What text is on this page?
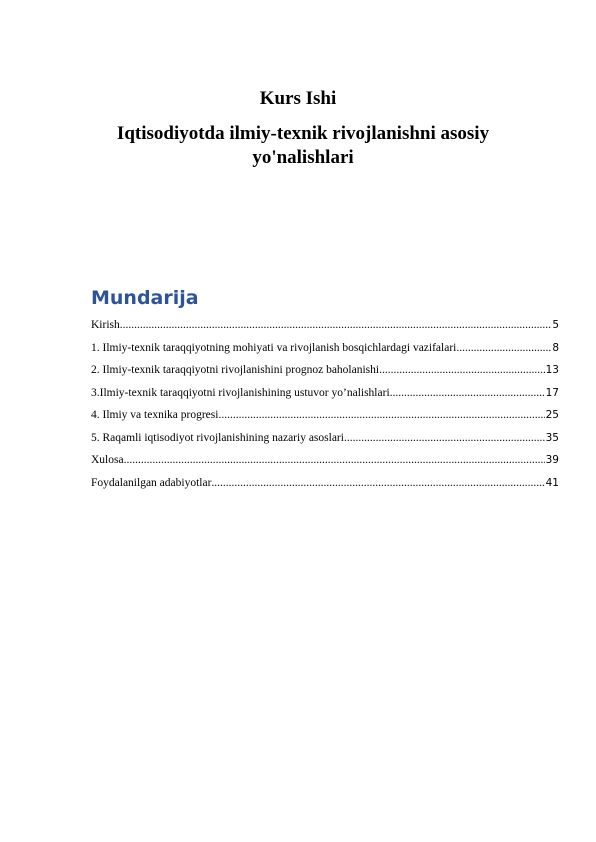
Kurs Ishi
Iqtisodiyotda ilmiy-texnik rivojlanishni asosiy yo'nalishlari
Mundarija
Kirish .....	5
1. Ilmiy-texnik taraqqiyotning mohiyati va rivojlanish bosqichlardagi vazifalari .....	8
2. Ilmiy-texnik taraqqiyotni rivojlanishini prognoz baholanishi .....	13
3.Ilmiy-texnik taraqqiyotni rivojlanishining ustuvor yo’nalishlari .....	17
4. Ilmiy va texnika progresi .....	25
5. Raqamli iqtisodiyot rivojlanishining nazariy asoslari .....	35
Xulosa .....	39
Foydalanilgan adabiyotlar .....	41
